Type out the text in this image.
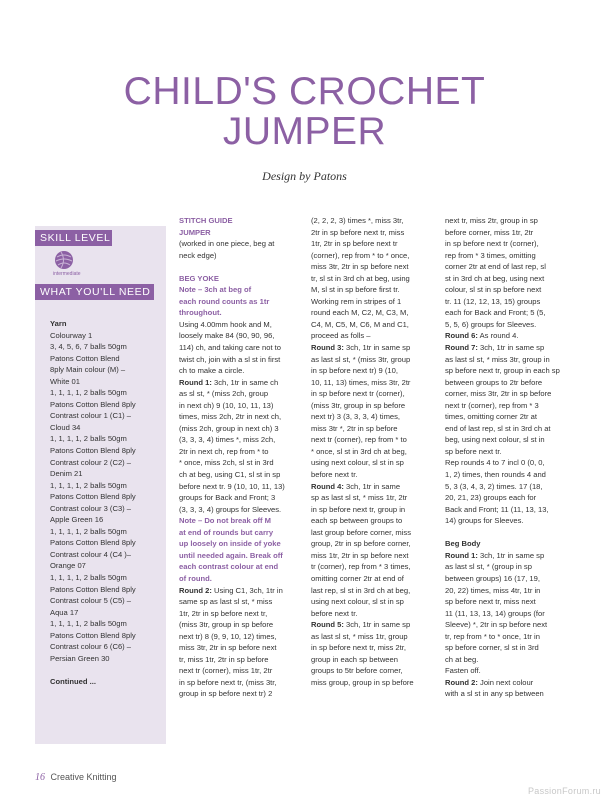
CHILD'S CROCHET
JUMPER
Design by Patons
SKILL LEVEL
intermediate
WHAT YOU'LL NEED
Yarn
Colourway 1
3, 4, 5, 6, 7 balls 50gm
Patons Cotton Blend
8ply Main colour (M) –
White 01
1, 1, 1, 1, 2 balls 50gm
Patons Cotton Blend 8ply
Contrast colour 1 (C1) –
Cloud 34
1, 1, 1, 1, 2 balls 50gm
Patons Cotton Blend 8ply
Contrast colour 2 (C2) –
Denim 21
1, 1, 1, 1, 2 balls 50gm
Patons Cotton Blend 8ply
Contrast colour 3 (C3) –
Apple Green 16
1, 1, 1, 1, 2 balls 50gm
Patons Cotton Blend 8ply
Contrast colour 4 (C4 )–
Orange 07
1, 1, 1, 1, 2 balls 50gm
Patons Cotton Blend 8ply
Contrast colour 5 (C5) –
Aqua 17
1, 1, 1, 1, 2 balls 50gm
Patons Cotton Blend 8ply
Contrast colour 6 (C6) –
Persian Green 30

Continued ...
STITCH GUIDE
JUMPER
(worked in one piece, beg at
neck edge)

BEG YOKE
Note – 3ch at beg of
each round counts as 1tr
throughout.
Using 4.00mm hook and M,
loosely make 84 (90, 90, 96,
114) ch, and taking care not to
twist ch, join with a sl st in first
ch to make a circle.
Round 1: 3ch, 1tr in same ch
as sl st, * (miss 2ch, group
in next ch) 9 (10, 10, 11, 13)
times, miss 2ch, 2tr in next ch,
(miss 2ch, group in next ch) 3
(3, 3, 3, 4) times *, miss 2ch,
2tr in next ch, rep from * to
* once, miss 2ch, sl st in 3rd
ch at beg, using C1, sl st in sp
before next tr. 9 (10, 10, 11, 13)
groups for Back and Front; 3
(3, 3, 3, 4) groups for Sleeves.
Note – Do not break off M
at end of rounds but carry
up loosely on inside of yoke
until needed again. Break off
each contrast colour at end
of round.
Round 2: Using C1, 3ch, 1tr in
same sp as last sl st, * miss
1tr, 2tr in sp before next tr,
(miss 3tr, group in sp before
next tr) 8 (9, 9, 10, 12) times,
miss 3tr, 2tr in sp before next
tr, miss 1tr, 2tr in sp before
next tr (corner), miss 1tr, 2tr
in sp before next tr, (miss 3tr,
group in sp before next tr) 2
(2, 2, 2, 3) times *, miss 3tr,
2tr in sp before next tr, miss
1tr, 2tr in sp before next tr
(corner), rep from * to * once,
miss 3tr, 2tr in sp before next
tr, sl st in 3rd ch at beg, using
M, sl st in sp before first tr.
Working rem in stripes of 1
round each M, C2, M, C3, M,
C4, M, C5, M, C6, M and C1,
proceed as folls –
Round 3: 3ch, 1tr in same sp
as last sl st, * (miss 3tr, group
in sp before next tr) 9 (10,
10, 11, 13) times, miss 3tr, 2tr
in sp before next tr (corner),
(miss 3tr, group in sp before
next tr) 3 (3, 3, 3, 4) times,
miss 3tr *, 2tr in sp before
next tr (corner), rep from * to
* once, sl st in 3rd ch at beg,
using next colour, sl st in sp
before next tr.
Round 4: 3ch, 1tr in same
sp as last sl st, * miss 1tr, 2tr
in sp before next tr, group in
each sp between groups to
last group before corner, miss
group, 2tr in sp before corner,
miss 1tr, 2tr in sp before next
tr (corner), rep from * 3 times,
omitting corner 2tr at end of
last rep, sl st in 3rd ch at beg,
using next colour, sl st in sp
before next tr.
Round 5: 3ch, 1tr in same sp
as last sl st, * miss 1tr, group
in sp before next tr, miss 2tr,
group in each sp between
groups to 5tr before corner,
miss group, group in sp before
next tr, miss 2tr, group in sp
before corner, miss 1tr, 2tr
in sp before next tr (corner),
rep from * 3 times, omitting
corner 2tr at end of last rep, sl
st in 3rd ch at beg, using next
colour, sl st in sp before next
tr. 11 (12, 12, 13, 15) groups
each for Back and Front; 5 (5,
5, 5, 6) groups for Sleeves.
Round 6: As round 4.
Round 7: 3ch, 1tr in same sp
as last sl st, * miss 3tr, group in
sp before next tr, group in each sp
between groups to 2tr before
corner, miss 3tr, 2tr in sp before
next tr (corner), rep from * 3
times, omitting corner 2tr at
end of last rep, sl st in 3rd ch at
beg, using next colour, sl st in
sp before next tr.
Rep rounds 4 to 7 incl 0 (0, 0,
1, 2) times, then rounds 4 and
5, 3 (3, 4, 3, 2) times. 17 (18,
20, 21, 23) groups each for
Back and Front; 11 (11, 13, 13,
14) groups for Sleeves.

Beg Body
Round 1: 3ch, 1tr in same sp
as last sl st, * (group in sp
between groups) 16 (17, 19,
20, 22) times, miss 4tr, 1tr in
sp before next tr, miss next
11 (11, 13, 13, 14) groups (for
Sleeve) *, 2tr in sp before next
tr, rep from * to * once, 1tr in
sp before corner, sl st in 3rd
ch at beg.
Fasten off.
Round 2: Join next colour
with a sl st in any sp between
16 Creative Knitting
PassionForum.ru
